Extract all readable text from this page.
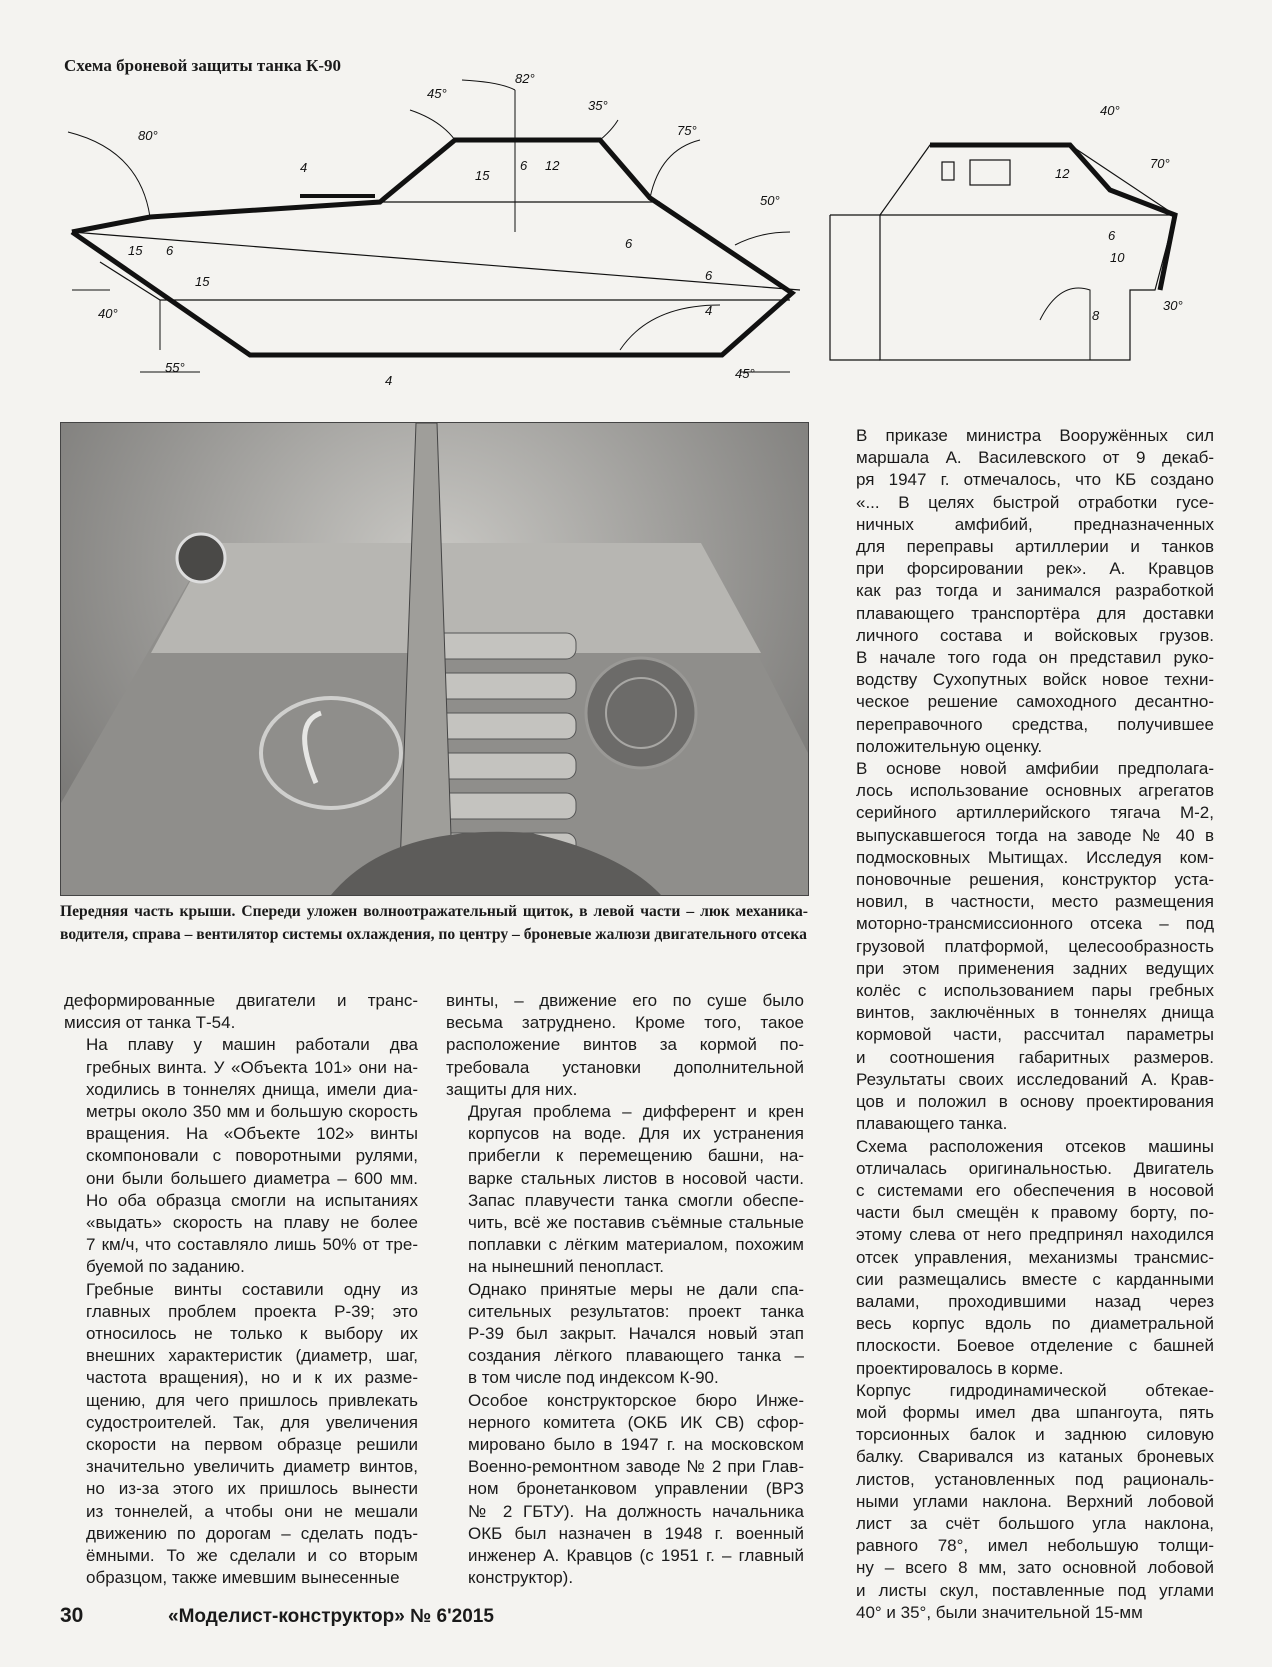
Схема броневой защиты танка К-90
80°
45°
82°
35°
75°
50°
4
15
6 12
15 6
15
40°
6
6
4
55°
4	45°
40°
70°
12
6
10
8
30°
Передняя часть крыши. Спереди уложен волноотражательный щиток, в левой части – люк механика-водителя, справа – вентилятор системы охлаждения, по центру – броневые жалюзи двигательного отсека

деформированные двигатели и транс-
миссия от танка Т-54.

На плаву у машин работали два
гребных винта. У «Объекта 101» они на-
ходились в тоннелях днища, имели диа-
метры около 350 мм и большую скорость
вращения. На «Объекте 102» винты
скомпоновали с поворотными рулями,
они были большего диаметра – 600 мм.
Но оба образца смогли на испытаниях
«выдать» скорость на плаву не более
7 км/ч, что составляло лишь 50% от тре-
буемой по заданию.

Гребные винты составили одну из
главных проблем проекта Р-39; это
относилось не только к выбору их
внешних характеристик (диаметр, шаг,
частота вращения), но и к их разме-
щению, для чего пришлось привлекать
судостроителей. Так, для увеличения
скорости на первом образце решили
значительно увеличить диаметр винтов,
но из-за этого их пришлось вынести
из тоннелей, а чтобы они не мешали
движению по дорогам – сделать подъ-
ёмными. То же сделали и со вторым
образцом, также имевшим вынесенные

винты, – движение его по суше было
весьма затруднено. Кроме того, такое
расположение винтов за кормой по-
требовала установки дополнительной
защиты для них.

Другая проблема – дифферент и крен
корпусов на воде. Для их устранения
прибегли к перемещению башни, на-
варке стальных листов в носовой части.
Запас плавучести танка смогли обеспе-
чить, всё же поставив съёмные стальные
поплавки с лёгким материалом, похожим
на нынешний пенопласт.

Однако принятые меры не дали спа-
сительных результатов: проект танка
Р-39 был закрыт. Начался новый этап
создания лёгкого плавающего танка –
в том числе под индексом К-90.

Особое конструкторское бюро Инже-
нерного комитета (ОКБ ИК СВ) сфор-
мировано было в 1947 г. на московском
Военно-ремонтном заводе № 2 при Глав-
ном бронетанковом управлении (ВРЗ
№ 2 ГБТУ). На должность начальника
ОКБ был назначен в 1948 г. военный
инженер А. Кравцов (с 1951 г. – главный
конструктор).

В приказе министра Вооружённых сил
маршала А. Василевского от 9 декаб-
ря 1947 г. отмечалось, что КБ создано
«... В целях быстрой отработки гусе-
ничных амфибий, предназначенных
для переправы артиллерии и танков
при форсировании рек». А. Кравцов
как раз тогда и занимался разработкой
плавающего транспортёра для доставки
личного состава и войсковых грузов.
В начале того года он представил руко-
водству Сухопутных войск новое техни-
ческое решение самоходного десантно-
переправочного средства, получившее
положительную оценку.

В основе новой амфибии предполага-
лось использование основных агрегатов
серийного артиллерийского тягача М-2,
выпускавшегося тогда на заводе № 40 в
подмосковных Мытищах. Исследуя ком-
поновочные решения, конструктор уста-
новил, в частности, место размещения
моторно-трансмиссионного отсека – под
грузовой платформой, целесообразность
при этом применения задних ведущих
колёс с использованием пары гребных
винтов, заключённых в тоннелях днища
кормовой части, рассчитал параметры
и соотношения габаритных размеров.
Результаты своих исследований А. Крав-
цов и положил в основу проектирования
плавающего танка.

Схема расположения отсеков машины
отличалась оригинальностью. Двигатель
с системами его обеспечения в носовой
части был смещён к правому борту, по-
этому слева от него предпринял находился
отсек управления, механизмы трансмис-
сии размещались вместе с карданными
валами, проходившими назад через
весь корпус вдоль по диаметральной
плоскости. Боевое отделение с башней
проектировалось в корме.

Корпус гидродинамической обтекае-
мой формы имел два шпангоута, пять
торсионных балок и заднюю силовую
балку. Сваривался из катаных броневых
листов, установленных под рациональ-
ными углами наклона. Верхний лобовой
лист за счёт большого угла наклона,
равного 78°, имел небольшую толщи-
ну – всего 8 мм, зато основной лобовой
и листы скул, поставленные под углами
40° и 35°, были значительной 15-мм

30	«Моделист-конструктор» № 6'2015
